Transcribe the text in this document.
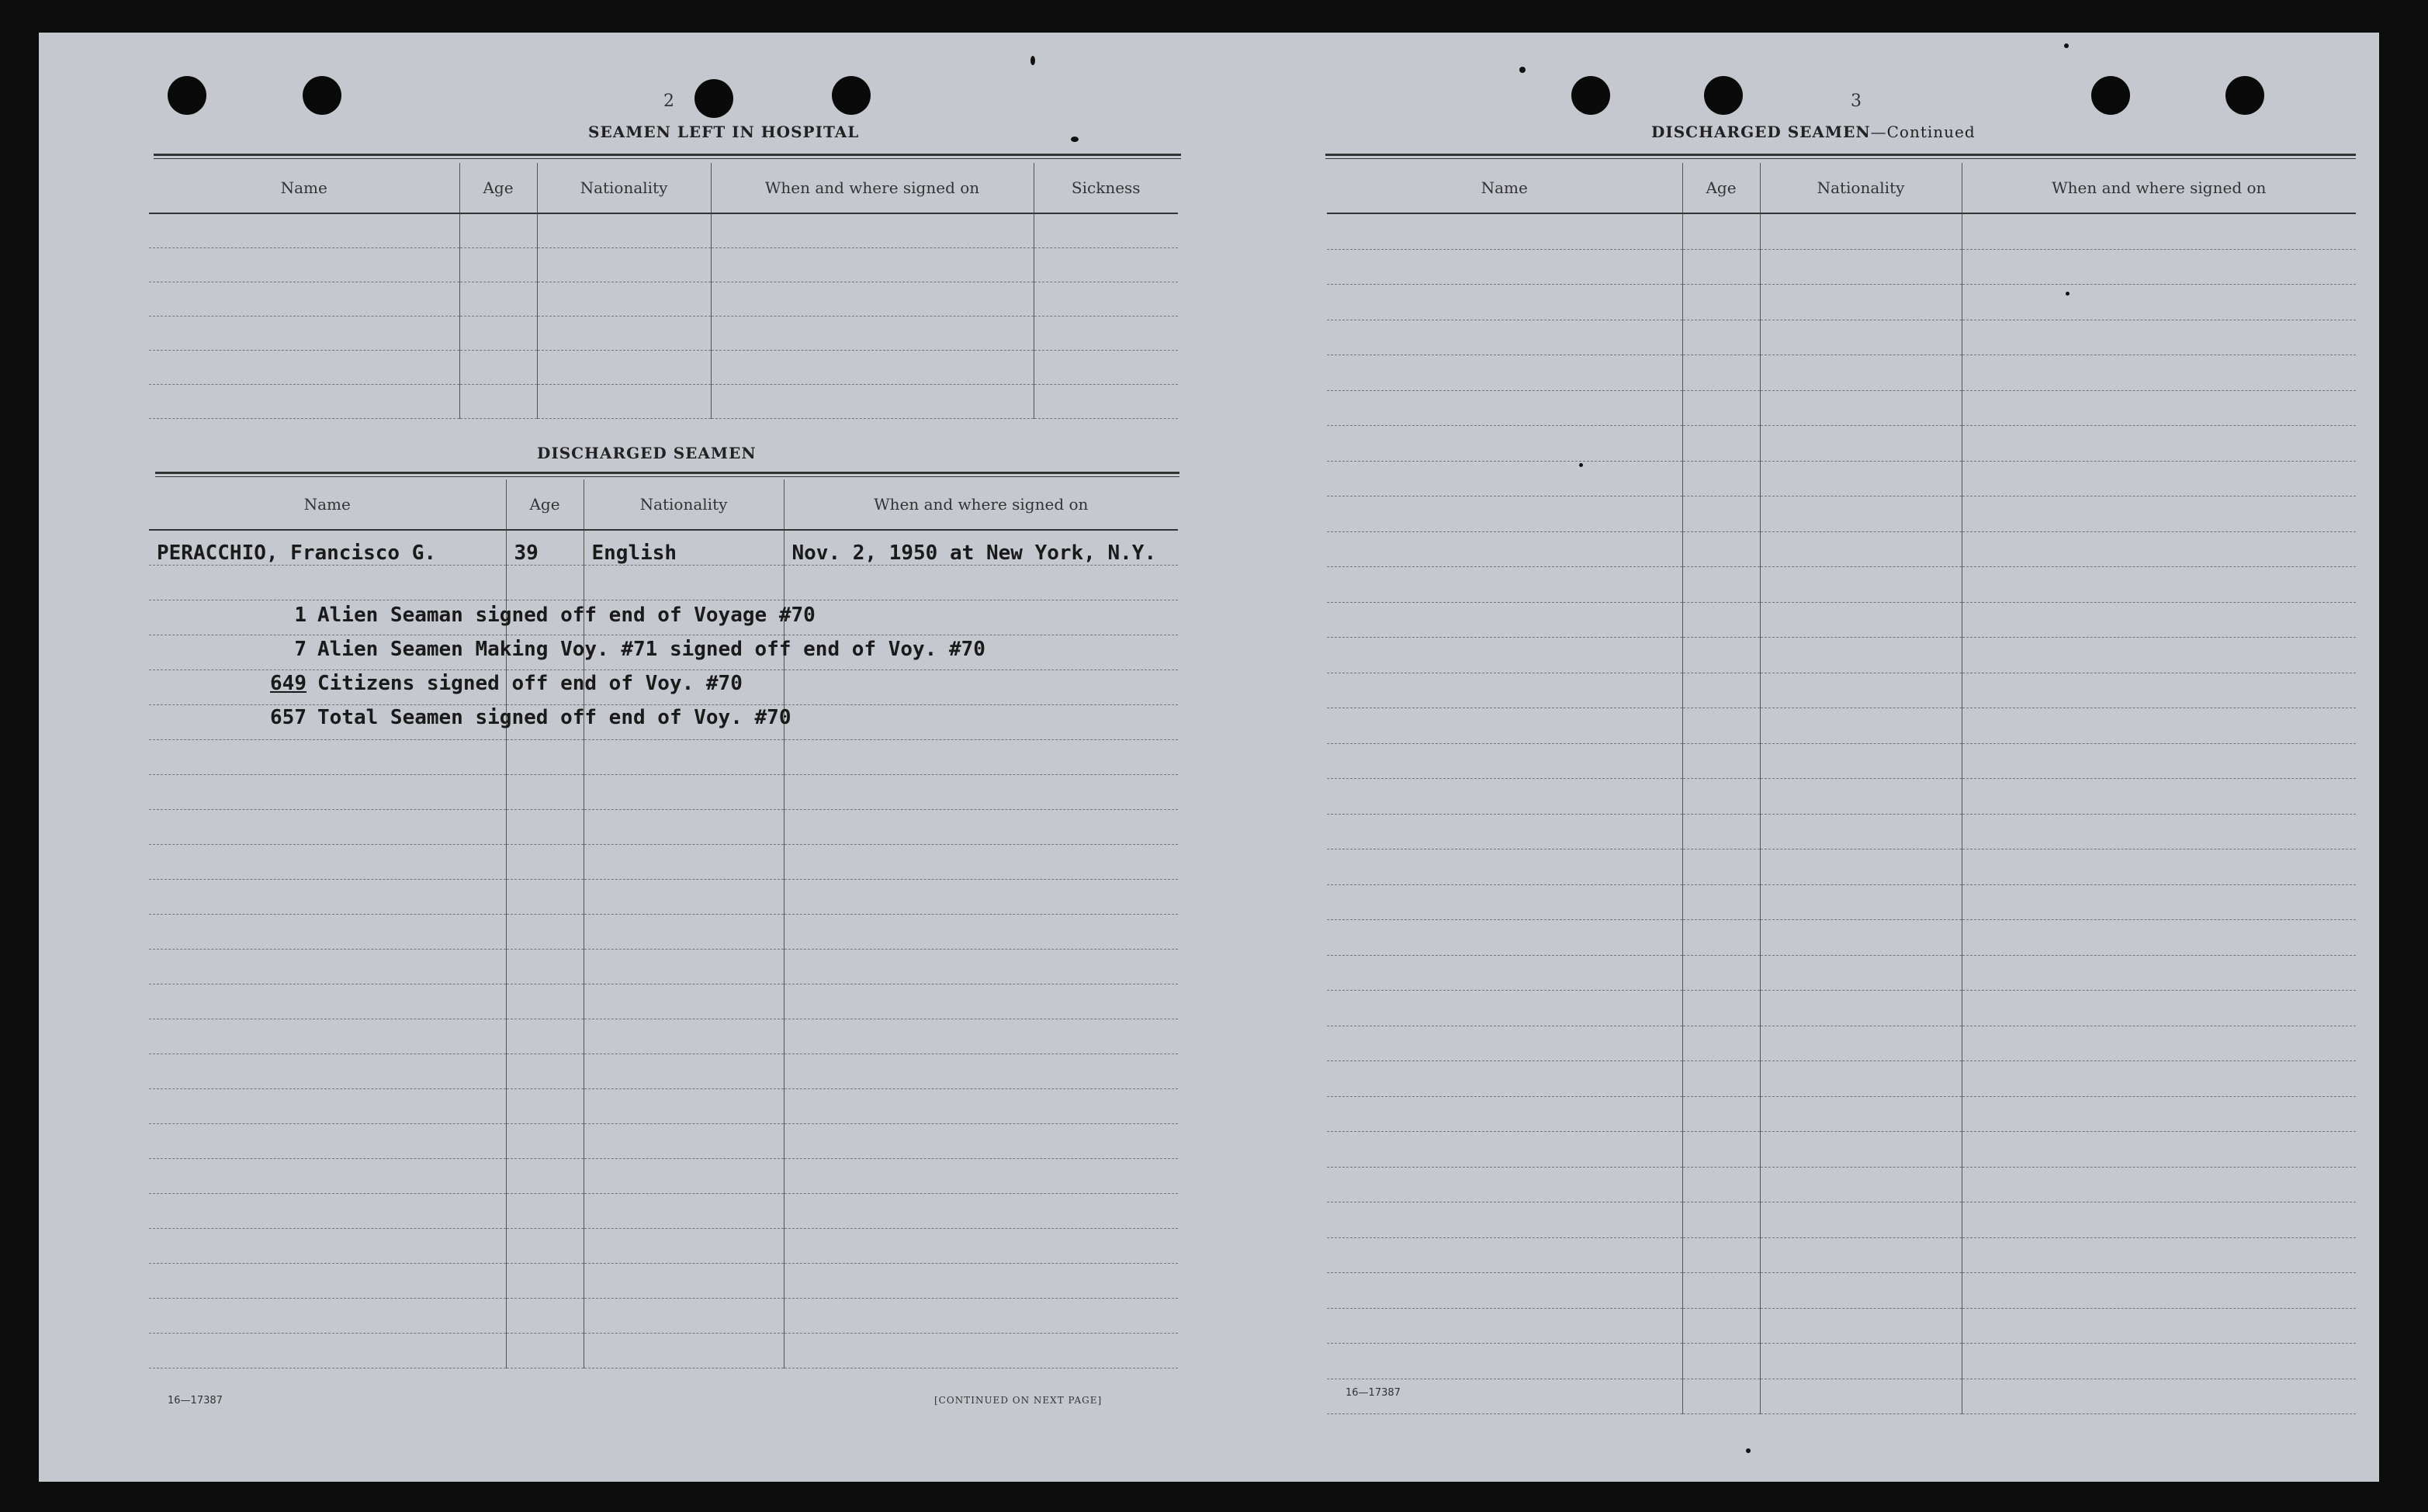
2
SEAMEN LEFT IN HOSPITAL
Name	Age	Nationality	When and where signed on	Sickness

DISCHARGED SEAMEN
Name	Age	Nationality	When and where signed on
PERACCHIO, Francisco G.	39	English	Nov. 2, 1950 at New York, N.Y.

1 Alien Seaman signed off end of Voyage #70
7 Alien Seamen Making Voy. #71 signed off end of Voy. #70
649 Citizens signed off end of Voy. #70
657 Total Seamen signed off end of Voy. #70
16—17387	[CONTINUED ON NEXT PAGE]
3
DISCHARGED SEAMEN—Continued
Name	Age	Nationality	When and where signed on

16—17387
